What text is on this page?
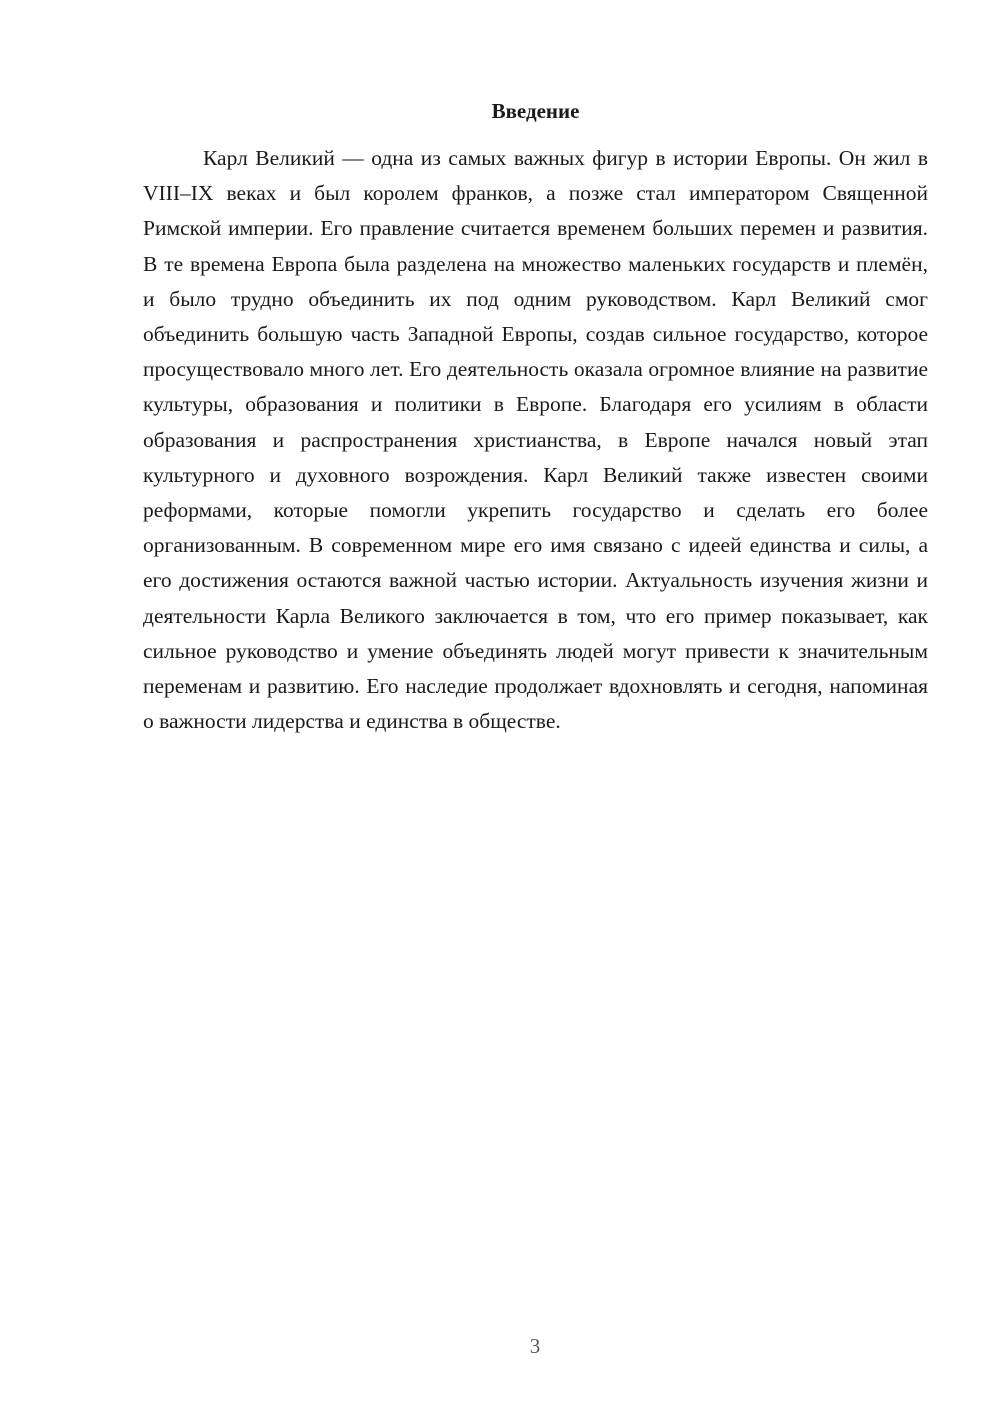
Введение

Карл Великий — одна из самых важных фигур в истории Европы. Он жил в VIII–IX веках и был королем франков, а позже стал императором Священной Римской империи. Его правление считается временем больших перемен и развития. В те времена Европа была разделена на множество маленьких государств и племён, и было трудно объединить их под одним руководством. Карл Великий смог объединить большую часть Западной Европы, создав сильное государство, которое просуществовало много лет. Его деятельность оказала огромное влияние на развитие культуры, образования и политики в Европе. Благодаря его усилиям в области образования и распространения христианства, в Европе начался новый этап культурного и духовного возрождения. Карл Великий также известен своими реформами, которые помогли укрепить государство и сделать его более организованным. В современном мире его имя связано с идеей единства и силы, а его достижения остаются важной частью истории. Актуальность изучения жизни и деятельности Карла Великого заключается в том, что его пример показывает, как сильное руководство и умение объединять людей могут привести к значительным переменам и развитию. Его наследие продолжает вдохновлять и сегодня, напоминая о важности лидерства и единства в обществе.

3
